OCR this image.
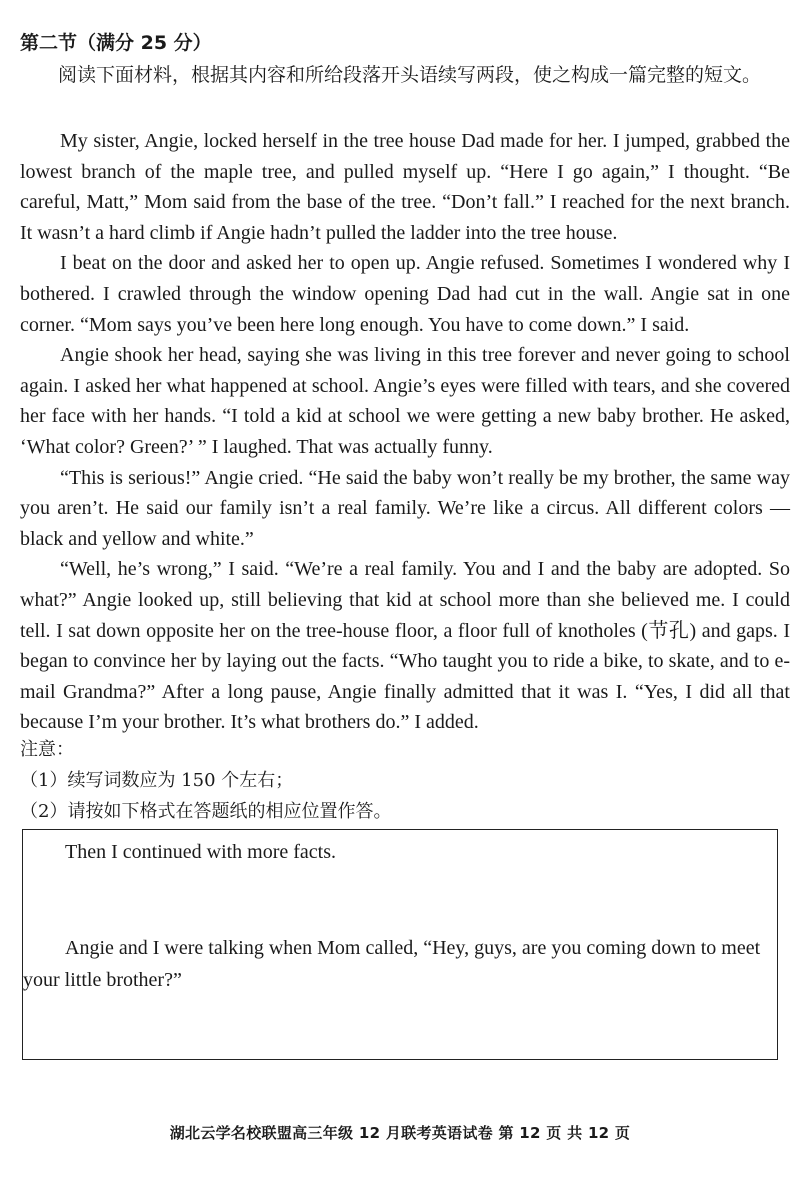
第二节（满分 25 分）

阅读下面材料，根据其内容和所给段落开头语续写两段，使之构成一篇完整的短文。

My sister, Angie, locked herself in the tree house Dad made for her. I jumped, grabbed the lowest branch of the maple tree, and pulled myself up. “Here I go again,” I thought. “Be careful, Matt,” Mom said from the base of the tree. “Don’t fall.” I reached for the next branch. It wasn’t a hard climb if Angie hadn’t pulled the ladder into the tree house.

I beat on the door and asked her to open up. Angie refused. Sometimes I wondered why I bothered. I crawled through the window opening Dad had cut in the wall. Angie sat in one corner. “Mom says you’ve been here long enough. You have to come down.” I said.

Angie shook her head, saying she was living in this tree forever and never going to school again. I asked her what happened at school. Angie’s eyes were filled with tears, and she covered her face with her hands. “I told a kid at school we were getting a new baby brother. He asked, ‘What color? Green?’ ” I laughed. That was actually funny.

“This is serious!” Angie cried. “He said the baby won’t really be my brother, the same way you aren’t. He said our family isn’t a real family. We’re like a circus. All different colors — black and yellow and white.”

“Well, he’s wrong,” I said. “We’re a real family. You and I and the baby are adopted. So what?” Angie looked up, still believing that kid at school more than she believed me. I could tell. I sat down opposite her on the tree-house floor, a floor full of knotholes (节孔) and gaps. I began to convince her by laying out the facts. “Who taught you to ride a bike, to skate, and to e-mail Grandma?” After a long pause, Angie finally admitted that it was I. “Yes, I did all that because I’m your brother. It’s what brothers do.” I added.

注意：

（1）续写词数应为 150 个左右；

（2）请按如下格式在答题纸的相应位置作答。

Then I continued with more facts.

Angie and I were talking when Mom called, “Hey, guys, are you coming down to meet your little brother?”

湖北云学名校联盟高三年级 12 月联考英语试卷 第 12 页 共 12 页
